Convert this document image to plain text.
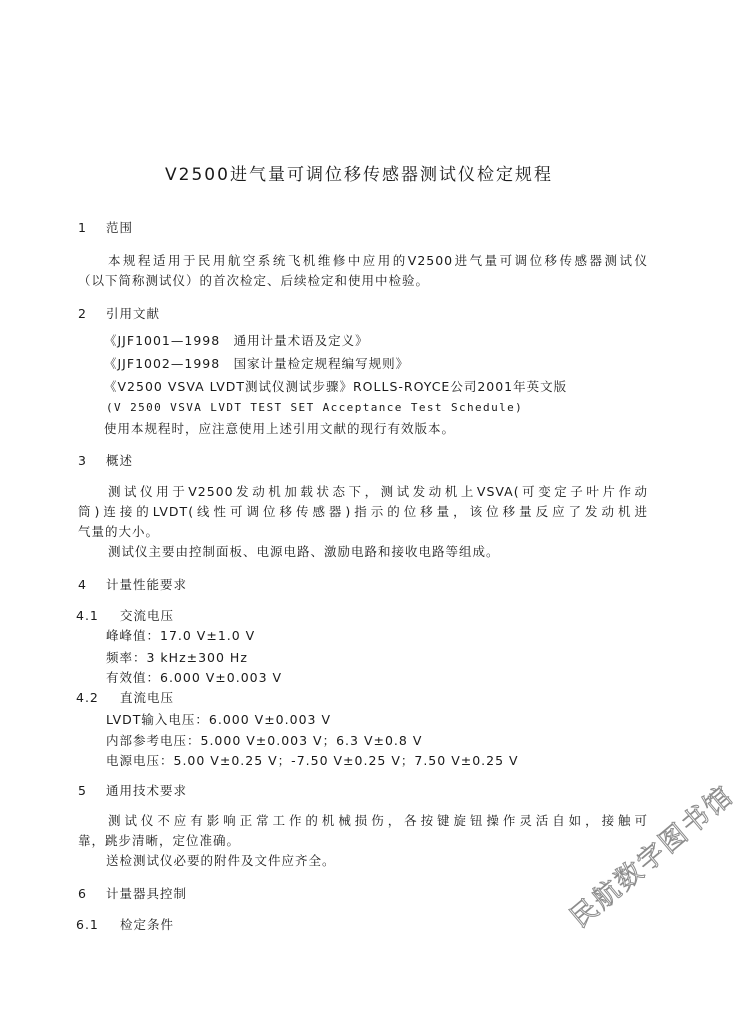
V2500进气量可调位移传感器测试仪检定规程
1 范围
本规程适用于民用航空系统飞机维修中应用的V2500进气量可调位移传感器测试仪
（以下简称测试仪）的首次检定、后续检定和使用中检验。
2 引用文献
《JJF1001—1998　通用计量术语及定义》
《JJF1002—1998　国家计量检定规程编写规则》
《V2500 VSVA LVDT测试仪测试步骤》ROLLS-ROYCE公司2001年英文版
(V 2500 VSVA LVDT TEST SET Acceptance Test Schedule)
使用本规程时，应注意使用上述引用文献的现行有效版本。
3 概述
测试仪用于V2500发动机加载状态下，测试发动机上VSVA(可变定子叶片作动
筒)连接的LVDT(线性可调位移传感器)指示的位移量，该位移量反应了发动机进
气量的大小。
测试仪主要由控制面板、电源电路、激励电路和接收电路等组成。
4 计量性能要求
4.1 交流电压
峰峰值：17.0 V±1.0 V
频率：3 kHz±300 Hz
有效值：6.000 V±0.003 V
4.2 直流电压
LVDT输入电压：6.000 V±0.003 V
内部参考电压：5.000 V±0.003 V；6.3 V±0.8 V
电源电压：5.00 V±0.25 V；-7.50 V±0.25 V；7.50 V±0.25 V
5 通用技术要求
测试仪不应有影响正常工作的机械损伤，各按键旋钮操作灵活自如，接触可
靠，跳步清晰，定位准确。
送检测试仪必要的附件及文件应齐全。
6 计量器具控制
6.1 检定条件	民航数字图书馆
